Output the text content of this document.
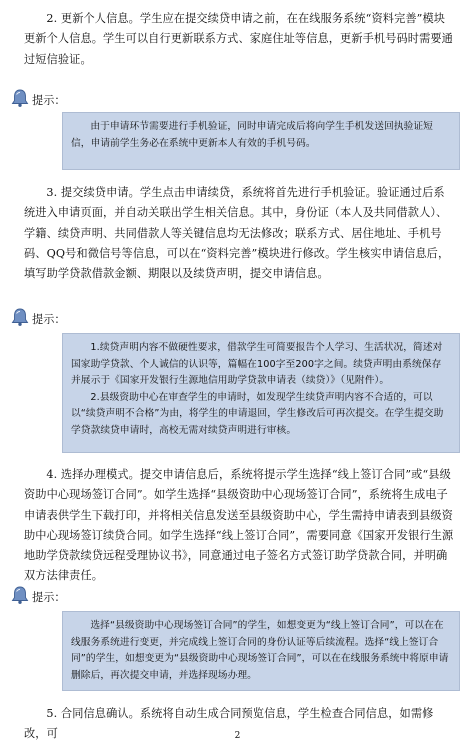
2. 更新个人信息。学生应在提交续贷申请之前，在在线服务系统“资料完善”模块更新个人信息。学生可以自行更新联系方式、家庭住址等信息，更新手机号码时需要通过短信验证。

提示：

由于申请环节需要进行手机验证，同时申请完成后将向学生手机发送回执验证短信，申请前学生务必在系统中更新本人有效的手机号码。

3. 提交续贷申请。学生点击申请续贷，系统将首先进行手机验证。验证通过后系统进入申请页面，并自动关联出学生相关信息。其中，身份证（本人及共同借款人）、学籍、续贷声明、共同借款人等关键信息均无法修改；联系方式、居住地址、手机号码、QQ号和微信号等信息，可以在“资料完善”模块进行修改。学生核实申请信息后，填写助学贷款借款金额、期限以及续贷声明，提交申请信息。

提示：

1.续贷声明内容不做硬性要求，借款学生可简要报告个人学习、生活状况，简述对国家助学贷款、个人诚信的认识等，篇幅在100字至200字之间。续贷声明由系统保存并展示于《国家开发银行生源地信用助学贷款申请表（续贷）》（见附件）。

2.县级资助中心在审查学生的申请时，如发现学生续贷声明内容不合适的，可以以“续贷声明不合格”为由，将学生的申请退回，学生修改后可再次提交。在学生提交助学贷款续贷申请时，高校无需对续贷声明进行审核。

4. 选择办理模式。提交申请信息后，系统将提示学生选择“线上签订合同”或“县级资助中心现场签订合同”。如学生选择“县级资助中心现场签订合同”，系统将生成电子申请表供学生下载打印，并将相关信息发送至县级资助中心，学生需持申请表到县级资助中心现场签订续贷合同。如学生选择“线上签订合同”，需要同意《国家开发银行生源地助学贷款续贷远程受理协议书》，同意通过电子签名方式签订助学贷款合同，并明确双方法律责任。

提示：

选择“县级资助中心现场签订合同”的学生，如想变更为“线上签订合同”，可以在在线服务系统进行变更，并完成线上签订合同的身份认证等后续流程。选择“线上签订合同”的学生，如想变更为“县级资助中心现场签订合同”，可以在在线服务系统中将原申请删除后，再次提交申请，并选择现场办理。

5. 合同信息确认。系统将自动生成合同预览信息，学生检查合同信息，如需修改，可	2
